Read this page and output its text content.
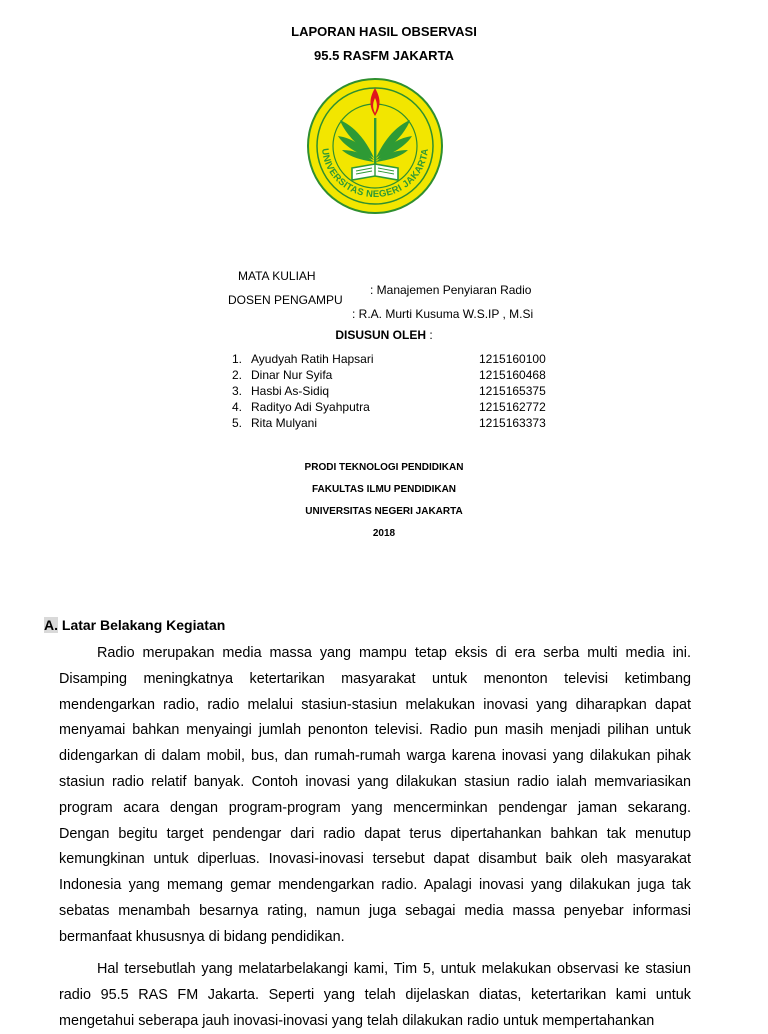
LAPORAN HASIL OBSERVASI
95.5 RASFM JAKARTA
UNIVERSITAS NEGERI JAKARTA

MATA KULIAH

: Manajemen Penyiaran Radio

DOSEN PENGAMPU

: R.A. Murti Kusuma W.S.IP , M.Si

DISUSUN OLEH :
1. Ayudyah Ratih Hapsari	1215160100
2. Dinar Nur Syifa	1215160468
3. Hasbi As-Sidiq	1215165375
4. Radityo Adi Syahputra	1215162772
5. Rita Mulyani	1215163373
PRODI TEKNOLOGI PENDIDIKAN
FAKULTAS ILMU PENDIDIKAN
UNIVERSITAS NEGERI JAKARTA
2018
A. Latar Belakang Kegiatan
Radio merupakan media massa yang mampu tetap eksis di era serba multi media ini. Disamping meningkatnya ketertarikan masyarakat untuk menonton televisi ketimbang mendengarkan radio, radio melalui stasiun-stasiun melakukan inovasi yang diharapkan dapat menyamai bahkan menyaingi jumlah penonton televisi. Radio pun masih menjadi pilihan untuk didengarkan di dalam mobil, bus, dan rumah-rumah warga karena inovasi yang dilakukan pihak stasiun radio relatif banyak. Contoh inovasi yang dilakukan stasiun radio ialah memvariasikan program acara dengan program-program yang mencerminkan pendengar jaman sekarang. Dengan begitu target pendengar dari radio dapat terus dipertahankan bahkan tak menutup kemungkinan untuk diperluas. Inovasi-inovasi tersebut dapat disambut baik oleh masyarakat Indonesia yang memang gemar mendengarkan radio. Apalagi inovasi yang dilakukan juga tak sebatas menambah besarnya rating, namun juga sebagai media massa penyebar informasi bermanfaat khususnya di bidang pendidikan.
Hal tersebutlah yang melatarbelakangi kami, Tim 5, untuk melakukan observasi ke stasiun radio 95.5 RAS FM Jakarta. Seperti yang telah dijelaskan diatas, ketertarikan kami untuk mengetahui seberapa jauh inovasi-inovasi yang telah dilakukan radio untuk mempertahankan
